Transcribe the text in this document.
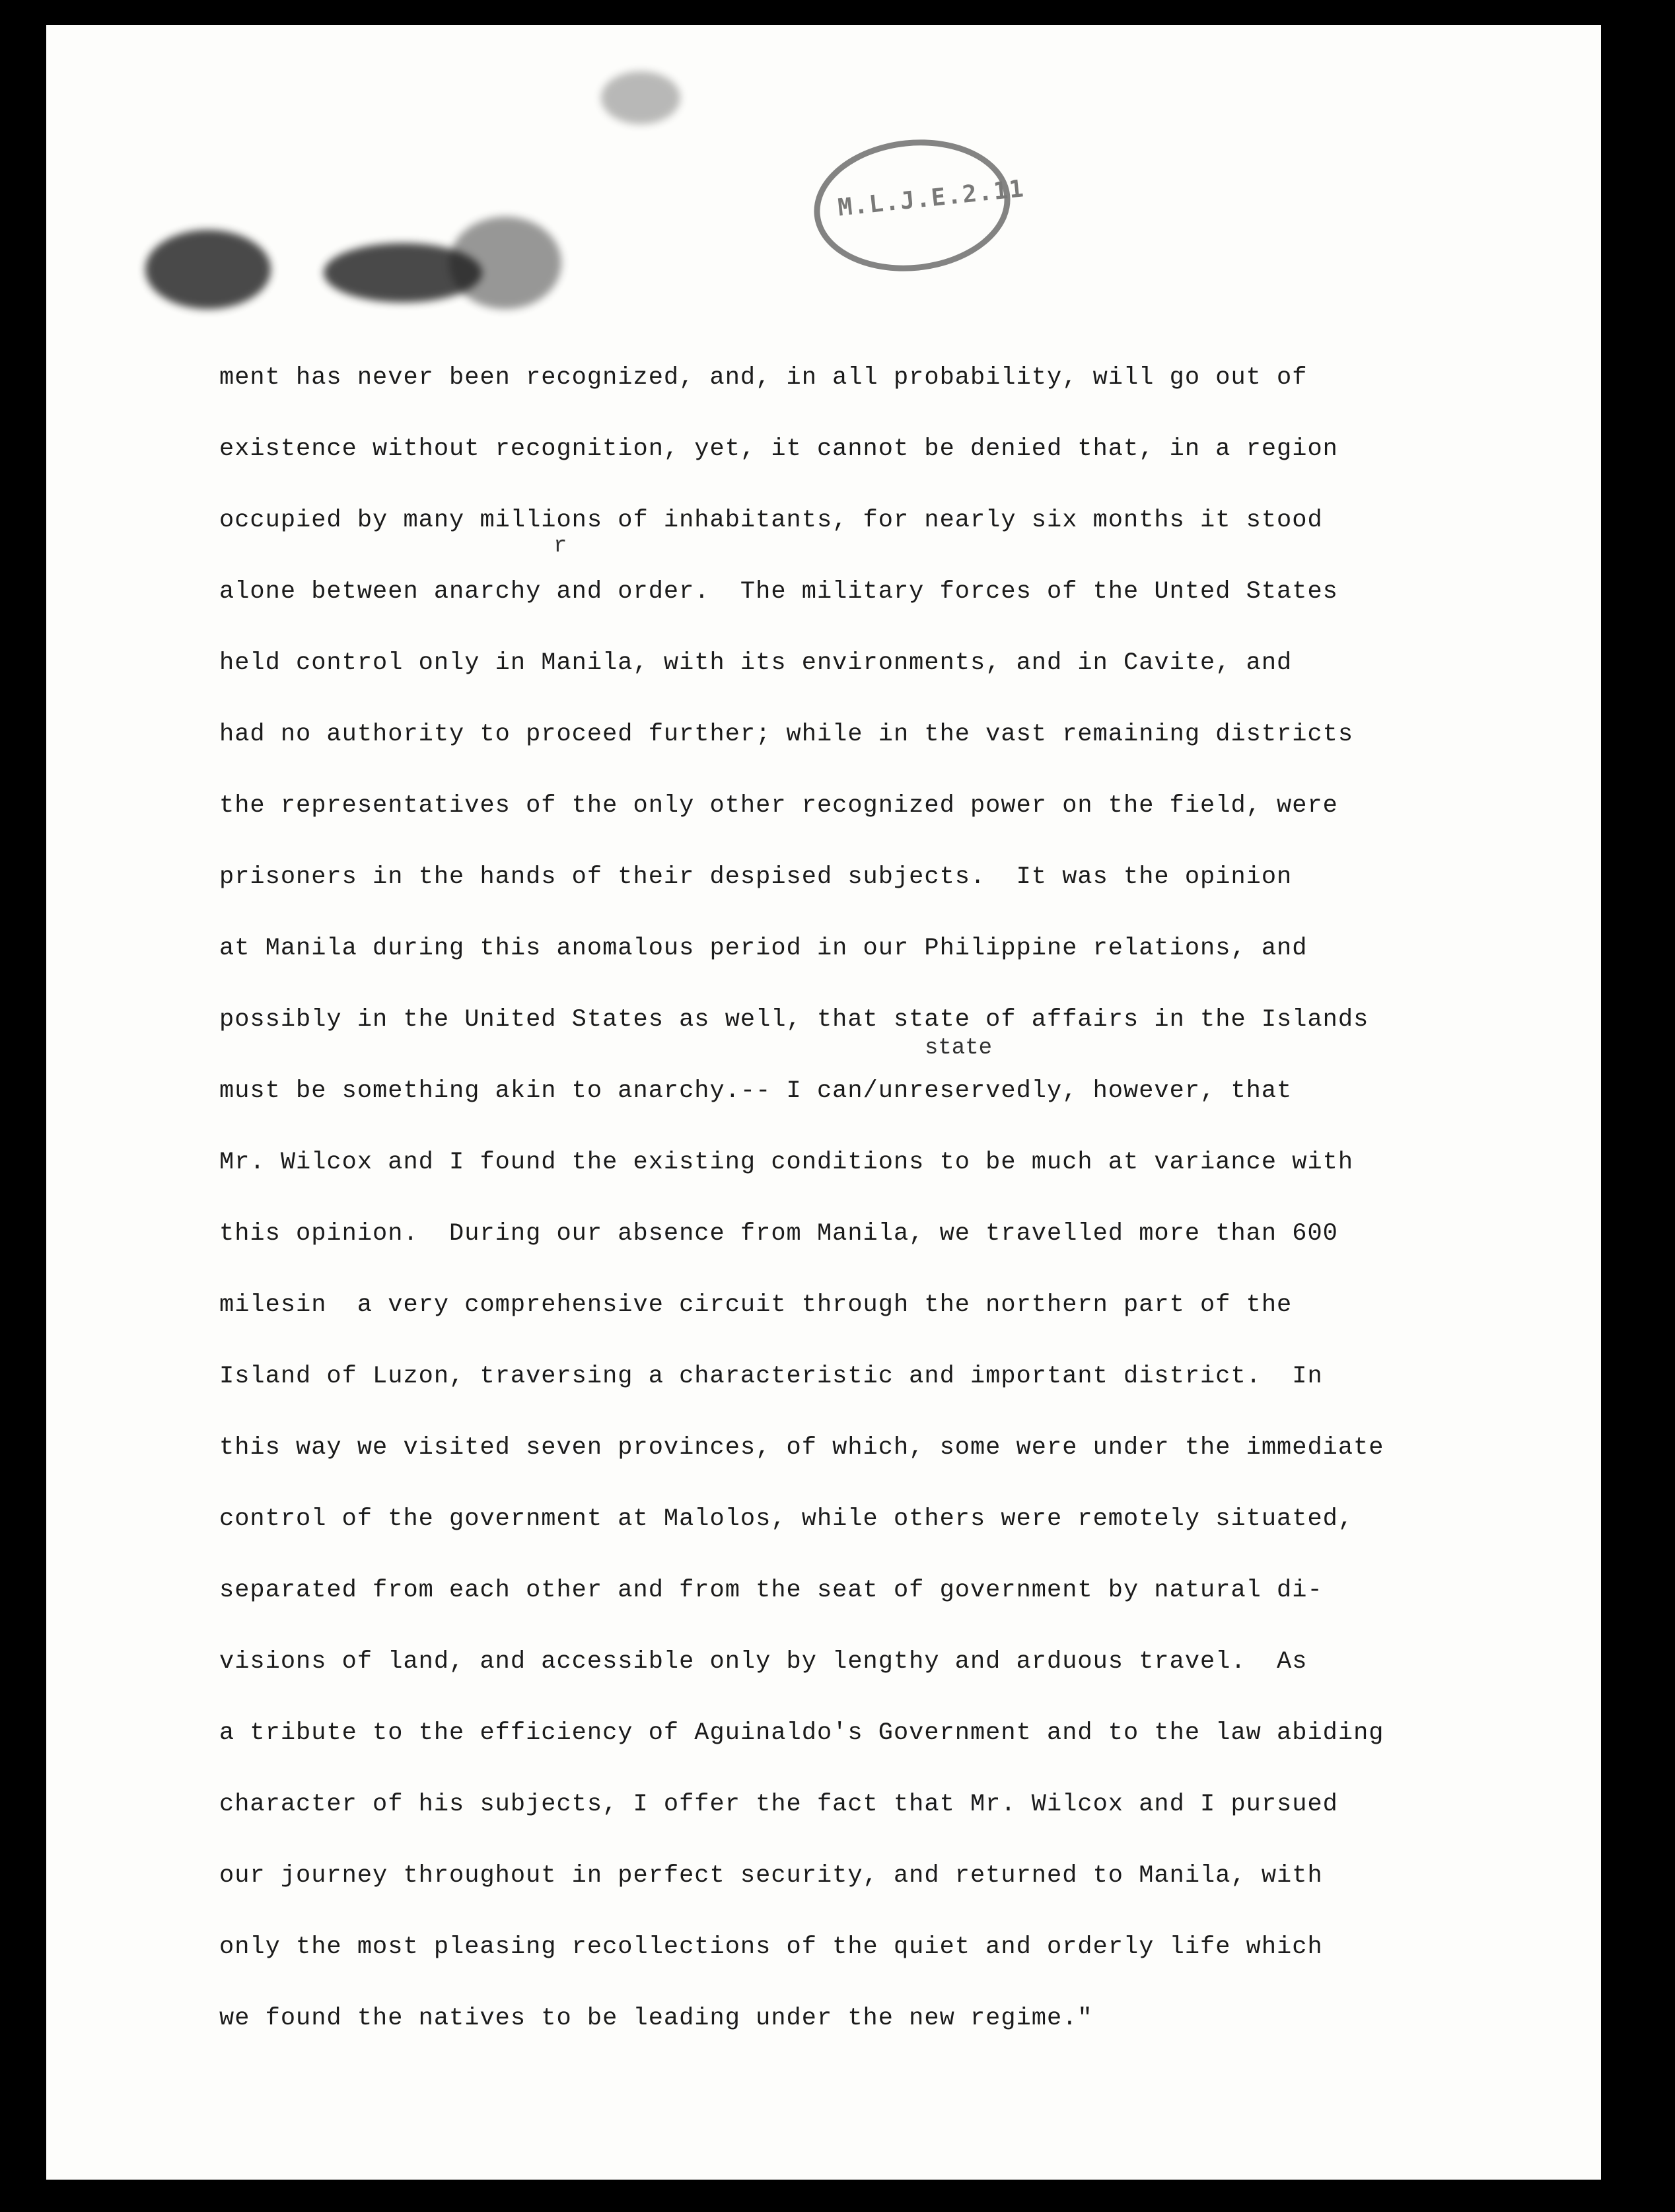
M.L.J.E.2.11
r
state
ment has never been recognized, and, in all probability, will go out of
existence without recognition, yet, it cannot be denied that, in a region
occupied by many millions of inhabitants, for nearly six months it stood
alone between anarchy and order.  The military forces of the Unted States
held control only in Manila, with its environments, and in Cavite, and
had no authority to proceed further; while in the vast remaining districts
the representatives of the only other recognized power on the field, were
prisoners in the hands of their despised subjects.  It was the opinion
at Manila during this anomalous period in our Philippine relations, and
possibly in the United States as well, that state of affairs in the Islands
must be something akin to anarchy.-- I can/unreservedly, however, that
Mr. Wilcox and I found the existing conditions to be much at variance with
this opinion.  During our absence from Manila, we travelled more than 600
milesin  a very comprehensive circuit through the northern part of the
Island of Luzon, traversing a characteristic and important district.  In
this way we visited seven provinces, of which, some were under the immediate
control of the government at Malolos, while others were remotely situated,
separated from each other and from the seat of government by natural di-
visions of land, and accessible only by lengthy and arduous travel.  As
a tribute to the efficiency of Aguinaldo's Government and to the law abiding
character of his subjects, I offer the fact that Mr. Wilcox and I pursued
our journey throughout in perfect security, and returned to Manila, with
only the most pleasing recollections of the quiet and orderly life which
we found the natives to be leading under the new regime."
